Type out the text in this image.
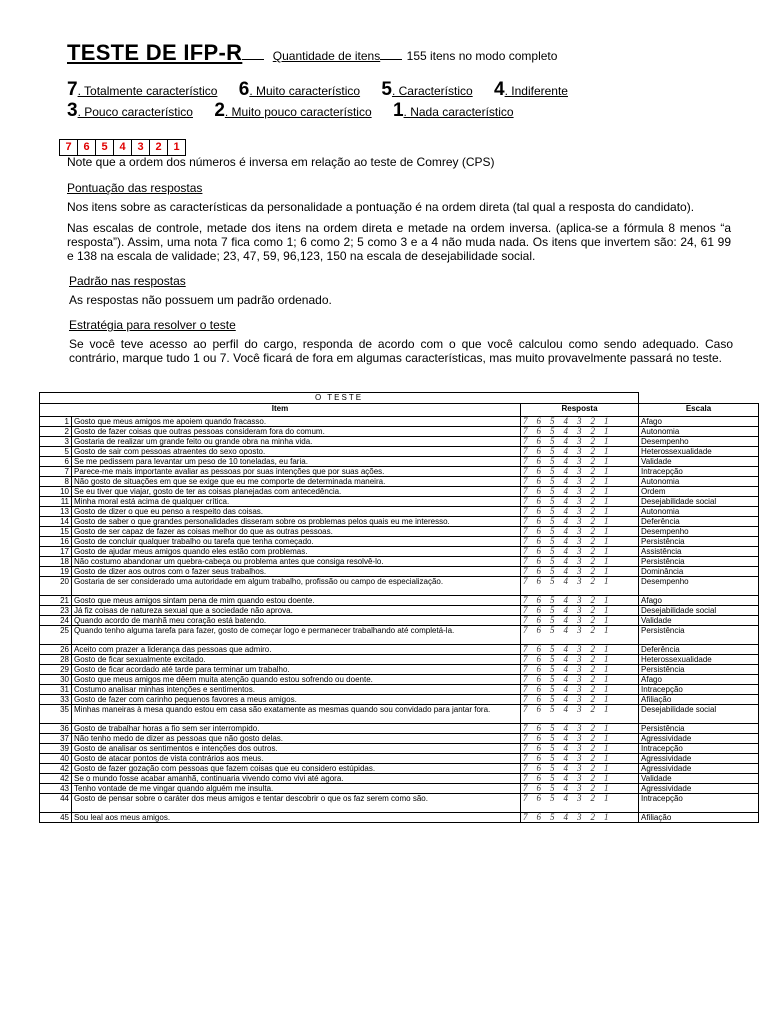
TESTE DE IFP-R	Quantidade de itens 155 itens no modo completo
7. Totalmente característico 6. Muito característico 5. Característico 4. Indiferente
3. Pouco característico 2. Muito pouco característico 1. Nada característico
7	6	5	4	3	2	1
Note que a ordem dos números é inversa em relação ao teste de Comrey (CPS)
Pontuação das respostas
Nos itens sobre as características da personalidade a pontuação é na ordem direta (tal qual a resposta do candidato).
Nas escalas de controle, metade dos itens na ordem direta e metade na ordem inversa. (aplica-se a fórmula 8 menos “a resposta”). Assim, uma nota 7 fica como 1; 6 como 2; 5 como 3 e a 4 não muda nada. Os itens que invertem são: 24, 61 99 e 138 na escala de validade; 23, 47, 59, 96,123, 150 na escala de desejabilidade social.
Padrão nas respostas
As respostas não possuem um padrão ordenado.
Estratégia para resolver o teste
Se você teve acesso ao perfil do cargo, responda de acordo com o que você calculou como sendo adequado. Caso contrário, marque tudo 1 ou 7. Você ficará de fora em algumas características, mas muito provavelmente passará no teste.
O TESTE			
Item		Resposta	Escala
1	Gosto que meus amigos me apoiem quando fracasso.	7 6 5 4 3 2 1	Afago
2	Gosto de fazer coisas que outras pessoas consideram fora do comum.	7 6 5 4 3 2 1	Autonomia
3	Gostaria de realizar um grande feito ou grande obra na minha vida.	7 6 5 4 3 2 1	Desempenho
5	Gosto de sair com pessoas atraentes do sexo oposto.	7 6 5 4 3 2 1	Heterossexualidade
6	Se me pedissem para levantar um peso de 10 toneladas, eu faria.	7 6 5 4 3 2 1	Validade
7	Parece-me mais importante avaliar as pessoas por suas intenções que por suas ações.	7 6 5 4 3 2 1	Intracepção
8	Não gosto de situações em que se exige que eu me comporte de determinada maneira.	7 6 5 4 3 2 1	Autonomia
10	Se eu tiver que viajar, gosto de ter as coisas planejadas com antecedência.	7 6 5 4 3 2 1	Ordem
11	Minha moral está acima de qualquer crítica.	7 6 5 4 3 2 1	Desejabilidade social
13	Gosto de dizer o que eu penso a respeito das coisas.	7 6 5 4 3 2 1	Autonomia
14	Gosto de saber o que grandes personalidades disseram sobre os problemas pelos quais eu me interesso.	7 6 5 4 3 2 1	Deferência
15	Gosto de ser capaz de fazer as coisas melhor do que as outras pessoas.	7 6 5 4 3 2 1	Desempenho
16	Gosto de concluir qualquer trabalho ou tarefa que tenha começado.	7 6 5 4 3 2 1	Persistência
17	Gosto de ajudar meus amigos quando eles estão com problemas.	7 6 5 4 3 2 1	Assistência
18	Não costumo abandonar um quebra-cabeça ou problema antes que consiga resolvê-lo.	7 6 5 4 3 2 1	Persistência
19	Gosto de dizer aos outros com o fazer seus trabalhos.	7 6 5 4 3 2 1	Dominância
20	Gostaria de ser considerado uma autoridade em algum trabalho, profissão ou campo de especialização.	7 6 5 4 3 2 1	Desempenho
21	Gosto que meus amigos sintam pena de mim quando estou doente.	7 6 5 4 3 2 1	Afago
23	Já fiz coisas de natureza sexual que a sociedade não aprova.	7 6 5 4 3 2 1	Desejabilidade social
24	Quando acordo de manhã meu coração está batendo.	7 6 5 4 3 2 1	Validade
25	Quando tenho alguma tarefa para fazer, gosto de começar logo e permanecer trabalhando até completá-la.	7 6 5 4 3 2 1	Persistência
26	Aceito com prazer a liderança das pessoas que admiro.	7 6 5 4 3 2 1	Deferência
28	Gosto de ficar sexualmente excitado.	7 6 5 4 3 2 1	Heterossexualidade
29	Gosto de ficar acordado até tarde para terminar um trabalho.	7 6 5 4 3 2 1	Persistência
30	Gosto que meus amigos me dêem muita atenção quando estou sofrendo ou doente.	7 6 5 4 3 2 1	Afago
31	Costumo analisar minhas intenções e sentimentos.	7 6 5 4 3 2 1	Intracepção
33	Gosto de fazer com carinho pequenos favores a meus amigos.	7 6 5 4 3 2 1	Afiliação
35	Minhas maneiras à mesa quando estou em casa são exatamente as mesmas quando sou convidado para jantar fora.	7 6 5 4 3 2 1	Desejabilidade social
36	Gosto de trabalhar horas a fio sem ser interrompido.	7 6 5 4 3 2 1	Persistência
37	Não tenho medo de dizer as pessoas que não gosto delas.	7 6 5 4 3 2 1	Agressividade
39	Gosto de analisar os sentimentos e intenções dos outros.	7 6 5 4 3 2 1	Intracepção
40	Gosto de atacar pontos de vista contrários aos meus.	7 6 5 4 3 2 1	Agressividade
42	Gosto de fazer gozação com pessoas que fazem coisas que eu considero estúpidas.	7 6 5 4 3 2 1	Agressividade
42	Se o mundo fosse acabar amanhã, continuaria vivendo como vivi até agora.	7 6 5 4 3 2 1	Validade
43	Tenho vontade de me vingar quando alguém me insulta.	7 6 5 4 3 2 1	Agressividade
44	Gosto de pensar sobre o caráter dos meus amigos e tentar descobrir o que os faz serem como são.	7 6 5 4 3 2 1	Intracepção
45	Sou leal aos meus amigos.	7 6 5 4 3 2 1	Afiliação
